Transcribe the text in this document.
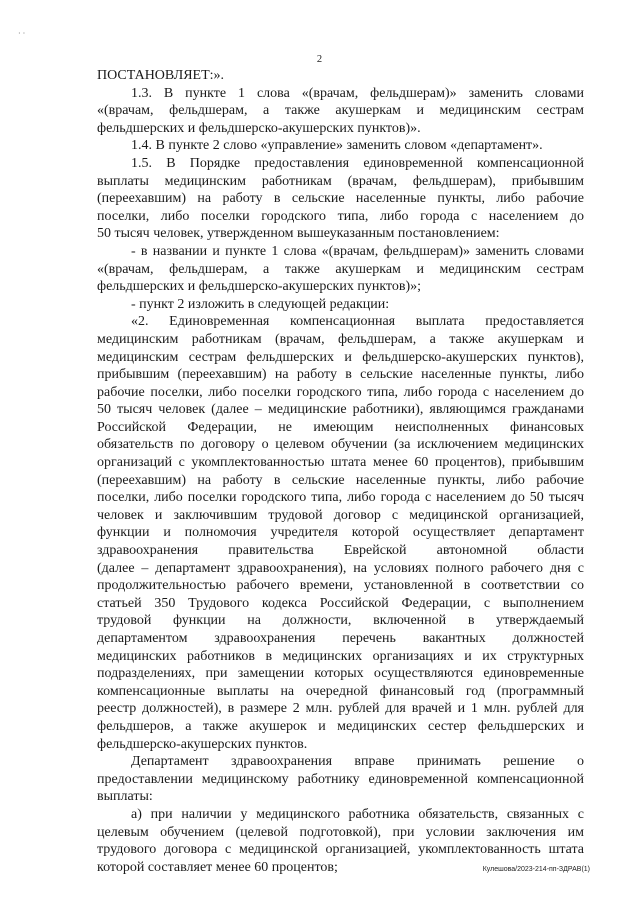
· ·
2
ПОСТАНОВЛЯЕТ:».
1.3. В пункте 1 слова «(врачам, фельдшерам)» заменить словами
«(врачам, фельдшерам, а также акушеркам и медицинским сестрам
фельдшерских и фельдшерско-акушерских пунктов)».
1.4. В пункте 2 слово «управление» заменить словом «департамент».
1.5. В Порядке предоставления единовременной компенсационной
выплаты медицинским работникам (врачам, фельдшерам), прибывшим
(переехавшим) на работу в сельские населенные пункты, либо рабочие
поселки, либо поселки городского типа, либо города с населением до
50 тысяч человек, утвержденном вышеуказанным постановлением:
- в названии и пункте 1 слова «(врачам, фельдшерам)» заменить словами
«(врачам, фельдшерам, а также акушеркам и медицинским сестрам
фельдшерских и фельдшерско-акушерских пунктов)»;
- пункт 2 изложить в следующей редакции:
«2. Единовременная компенсационная выплата предоставляется
медицинским работникам (врачам, фельдшерам, а также акушеркам и
медицинским сестрам фельдшерских и фельдшерско-акушерских пунктов),
прибывшим (переехавшим) на работу в сельские населенные пункты, либо
рабочие поселки, либо поселки городского типа, либо города с населением до
50 тысяч человек (далее – медицинские работники), являющимся гражданами
Российской Федерации, не имеющим неисполненных финансовых
обязательств по договору о целевом обучении (за исключением медицинских
организаций с укомплектованностью штата менее 60 процентов), прибывшим
(переехавшим) на работу в сельские населенные пункты, либо рабочие
поселки, либо поселки городского типа, либо города с населением до 50 тысяч
человек и заключившим трудовой договор с медицинской организацией,
функции и полномочия учредителя которой осуществляет департамент
здравоохранения правительства Еврейской автономной области
(далее – департамент здравоохранения), на условиях полного рабочего дня с
продолжительностью рабочего времени, установленной в соответствии со
статьей 350 Трудового кодекса Российской Федерации, с выполнением
трудовой функции на должности, включенной в утверждаемый
департаментом здравоохранения перечень вакантных должностей
медицинских работников в медицинских организациях и их структурных
подразделениях, при замещении которых осуществляются единовременные
компенсационные выплаты на очередной финансовый год (программный
реестр должностей), в размере 2 млн. рублей для врачей и 1 млн. рублей для
фельдшеров, а также акушерок и медицинских сестер фельдшерских и
фельдшерско-акушерских пунктов.
Департамент здравоохранения вправе принимать решение о
предоставлении медицинскому работнику единовременной компенсационной
выплаты:
а) при наличии у медицинского работника обязательств, связанных с
целевым обучением (целевой подготовкой), при условии заключения им
трудового договора с медицинской организацией, укомплектованность штата
которой составляет менее 60 процентов;	Кулешова/2023-214-пп-ЗДРАВ(1)
